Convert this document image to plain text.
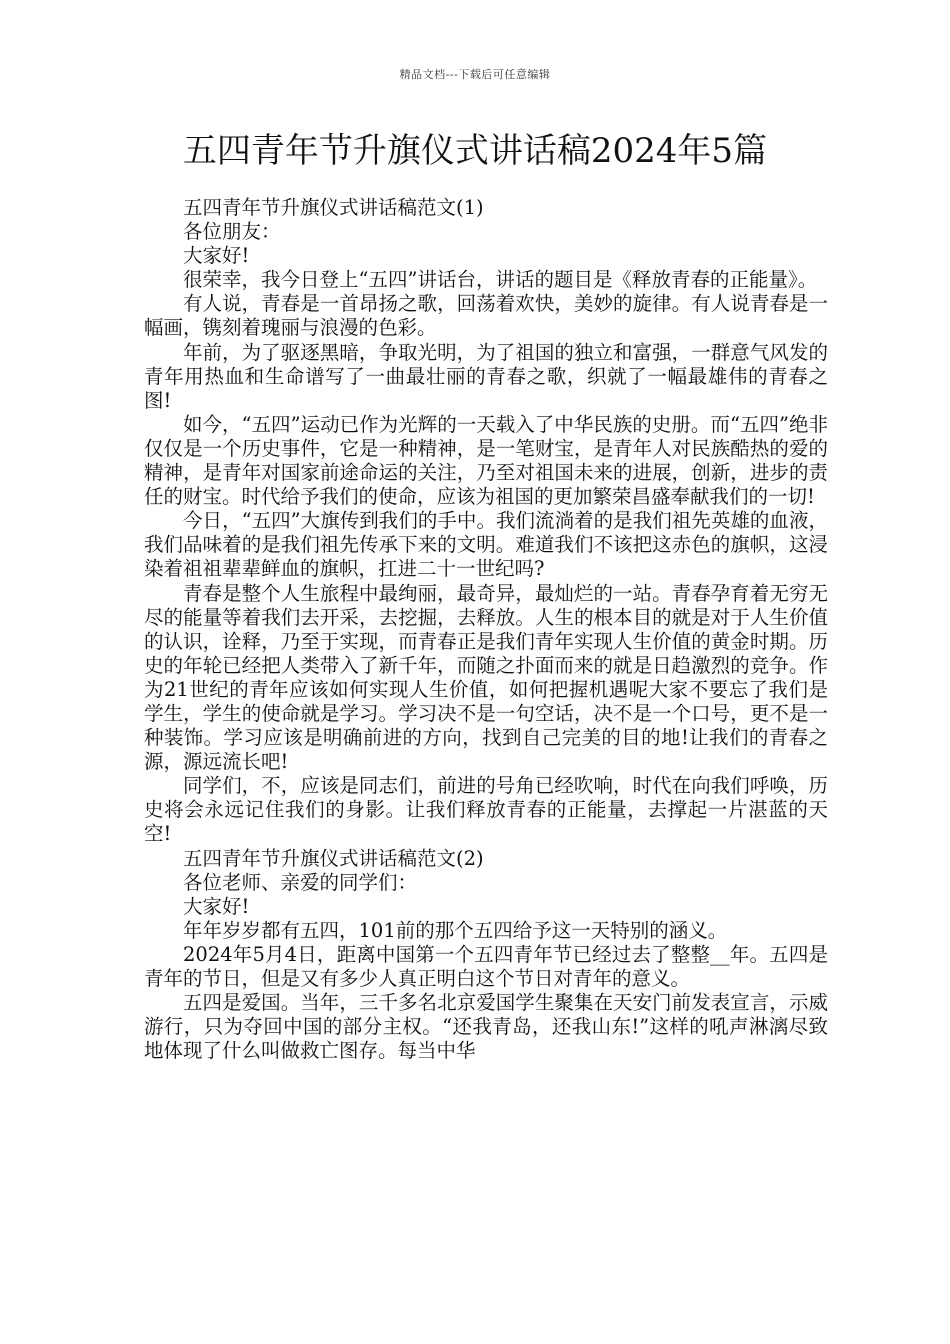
精品文档---下载后可任意编辑
五四青年节升旗仪式讲话稿2024年5篇

五四青年节升旗仪式讲话稿范文(1)

各位朋友：

大家好!

很荣幸，我今日登上“五四”讲话台，讲话的题目是《释放青春的正能量》。

有人说，青春是一首昂扬之歌，回荡着欢快，美妙的旋律。有人说青春是一幅画，镌刻着瑰丽与浪漫的色彩。

年前，为了驱逐黑暗，争取光明，为了祖国的独立和富强，一群意气风发的青年用热血和生命谱写了一曲最壮丽的青春之歌，织就了一幅最雄伟的青春之图!

如今，“五四”运动已作为光辉的一天载入了中华民族的史册。而“五四”绝非仅仅是一个历史事件，它是一种精神，是一笔财宝，是青年人对民族酷热的爱的精神，是青年对国家前途命运的关注，乃至对祖国未来的进展，创新，进步的责任的财宝。时代给予我们的使命，应该为祖国的更加繁荣昌盛奉献我们的一切!

今日，“五四”大旗传到我们的手中。我们流淌着的是我们祖先英雄的血液，我们品味着的是我们祖先传承下来的文明。难道我们不该把这赤色的旗帜，这浸染着祖祖辈辈鲜血的旗帜，扛进二十一世纪吗?

青春是整个人生旅程中最绚丽，最奇异，最灿烂的一站。青春孕育着无穷无尽的能量等着我们去开采，去挖掘，去释放。人生的根本目的就是对于人生价值的认识，诠释，乃至于实现，而青春正是我们青年实现人生价值的黄金时期。历史的年轮已经把人类带入了新千年，而随之扑面而来的就是日趋激烈的竞争。作为21世纪的青年应该如何实现人生价值，如何把握机遇呢大家不要忘了我们是学生，学生的使命就是学习。学习决不是一句空话，决不是一个口号，更不是一种装饰。学习应该是明确前进的方向，找到自己完美的目的地!让我们的青春之源，源远流长吧!

同学们，不，应该是同志们，前进的号角已经吹响，时代在向我们呼唤，历史将会永远记住我们的身影。让我们释放青春的正能量，去撑起一片湛蓝的天空!

五四青年节升旗仪式讲话稿范文(2)

各位老师、亲爱的同学们：

大家好!

年年岁岁都有五四，101前的那个五四给予这一天特别的涵义。

2024年5月4日，距离中国第一个五四青年节已经过去了整整__年。五四是青年的节日，但是又有多少人真正明白这个节日对青年的意义。

五四是爱国。当年，三千多名北京爱国学生聚集在天安门前发表宣言，示威游行，只为夺回中国的部分主权。“还我青岛，还我山东!”这样的吼声淋漓尽致地体现了什么叫做救亡图存。每当中华
